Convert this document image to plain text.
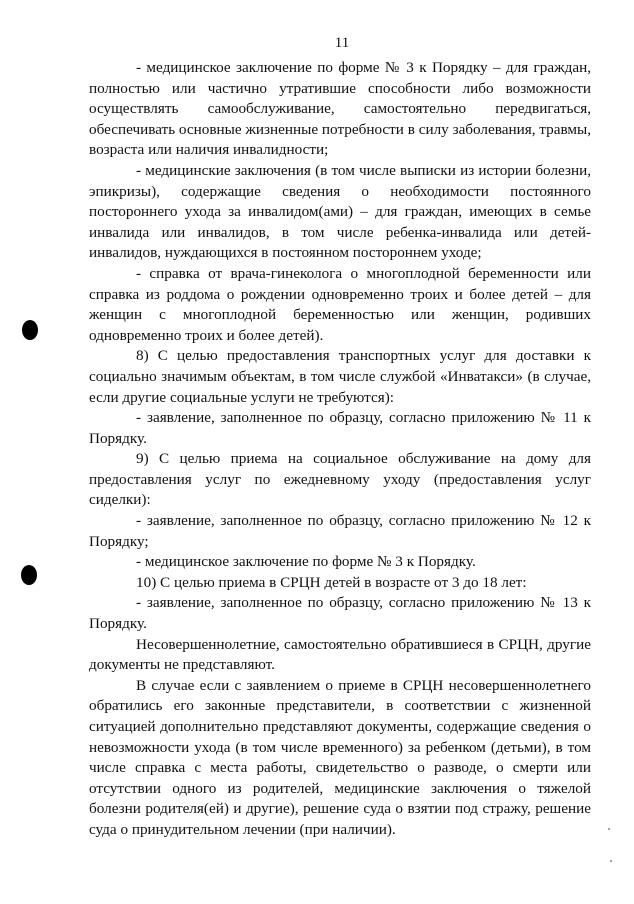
11

- медицинское заключение по форме № 3 к Порядку – для граждан, полностью или частично утратившие способности либо возможности осуществлять самообслуживание, самостоятельно передвигаться, обеспечивать основные жизненные потребности в силу заболевания, травмы, возраста или наличия инвалидности;

- медицинские заключения (в том числе выписки из истории болезни, эпикризы), содержащие сведения о необходимости постоянного постороннего ухода за инвалидом(ами) – для граждан, имеющих в семье инвалида или инвалидов, в том числе ребенка-инвалида или детей-инвалидов, нуждающихся в постоянном постороннем уходе;

- справка от врача-гинеколога о многоплодной беременности или справка из роддома о рождении одновременно троих и более детей – для женщин с многоплодной беременностью или женщин, родивших одновременно троих и более детей).

8) С целью предоставления транспортных услуг для доставки к социально значимым объектам, в том числе службой «Инватакси» (в случае, если другие социальные услуги не требуются):

- заявление, заполненное по образцу, согласно приложению № 11 к Порядку.

9) С целью приема на социальное обслуживание на дому для предоставления услуг по ежедневному уходу (предоставления услуг сиделки):

- заявление, заполненное по образцу, согласно приложению № 12 к Порядку;

- медицинское заключение по форме № 3 к Порядку.

10) С целью приема в СРЦН детей в возрасте от 3 до 18 лет:

- заявление, заполненное по образцу, согласно приложению № 13 к Порядку.

Несовершеннолетние, самостоятельно обратившиеся в СРЦН, другие документы не представляют.

В случае если с заявлением о приеме в СРЦН несовершеннолетнего обратились его законные представители, в соответствии с жизненной ситуацией дополнительно представляют документы, содержащие сведения о невозможности ухода (в том числе временного) за ребенком (детьми), в том числе справка с места работы, свидетельство о разводе, о смерти или отсутствии одного из родителей, медицинские заключения о тяжелой болезни родителя(ей) и другие), решение суда о взятии под стражу, решение суда о принудительном лечении (при наличии).
